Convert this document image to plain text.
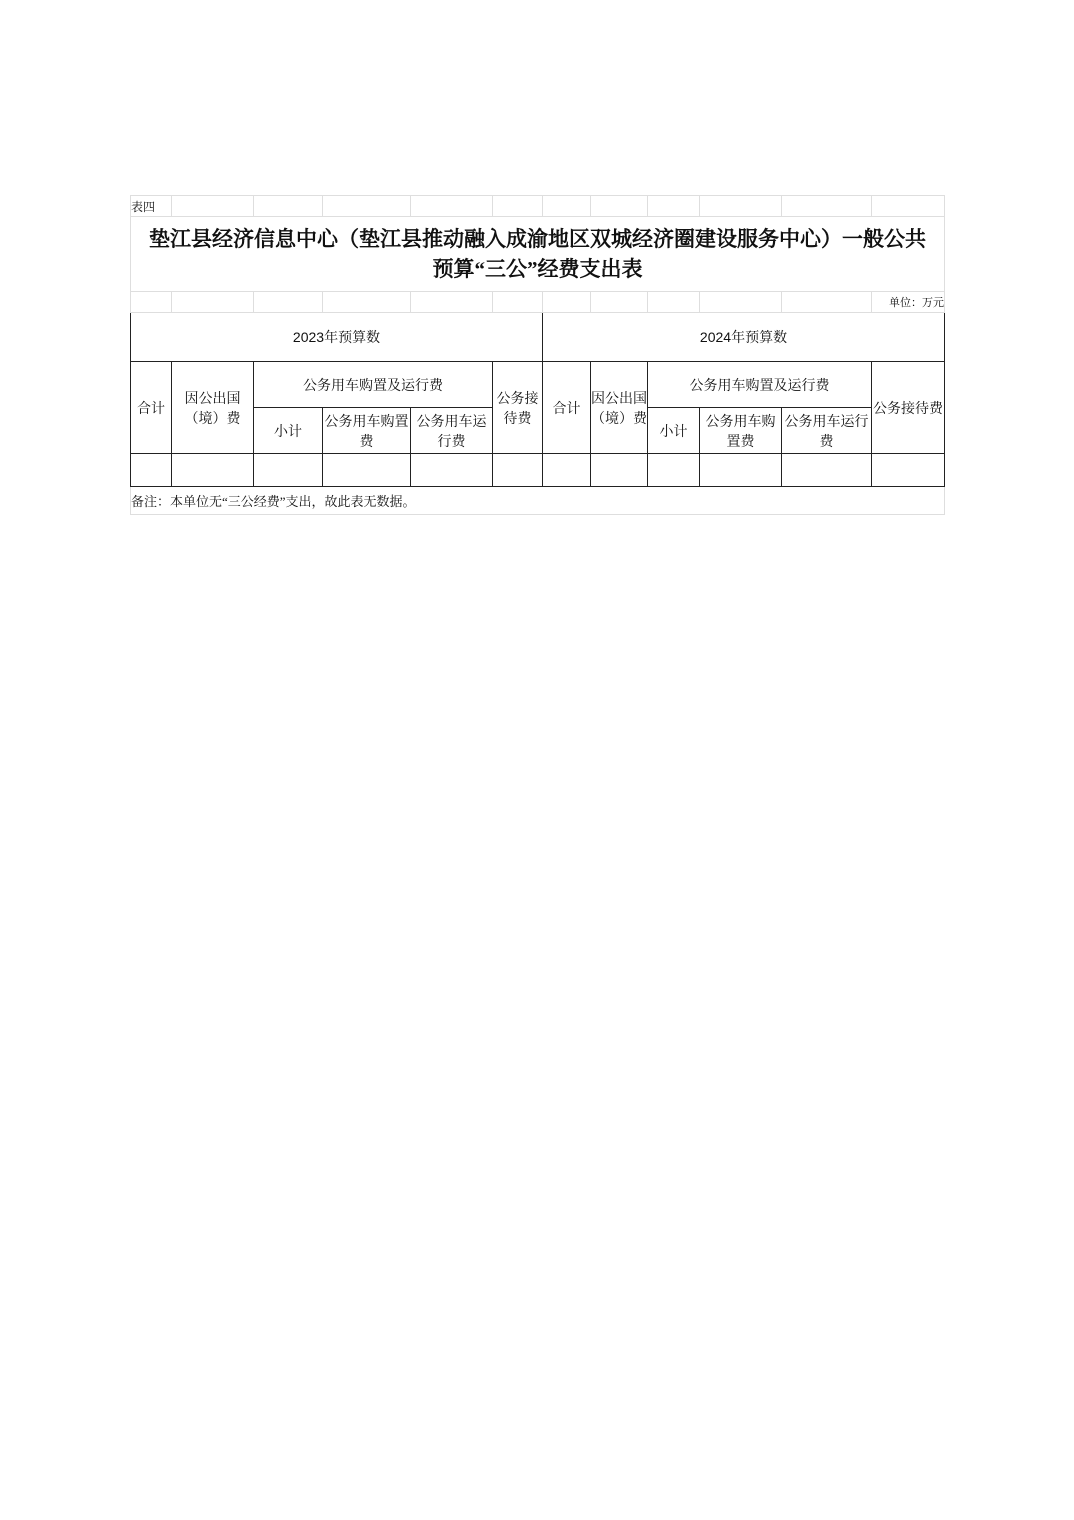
表四											

垫江县经济信息中心（垫江县推动融入成渝地区双城经济圈建设服务中心）一般公共
预算“三公”经费支出表											

											单位：万元
2023年预算数						2024年预算数					
合计	因公出国（境）费	公务用车购置及运行费			公务接待费	合计	因公出国（境）费	公务用车购置及运行费			公务接待费
		小计	公务用车购置费	公务用车运行费				小计	公务用车购置费	公务用车运行费	

备注：本单位无“三公经费”支出，故此表无数据。											
